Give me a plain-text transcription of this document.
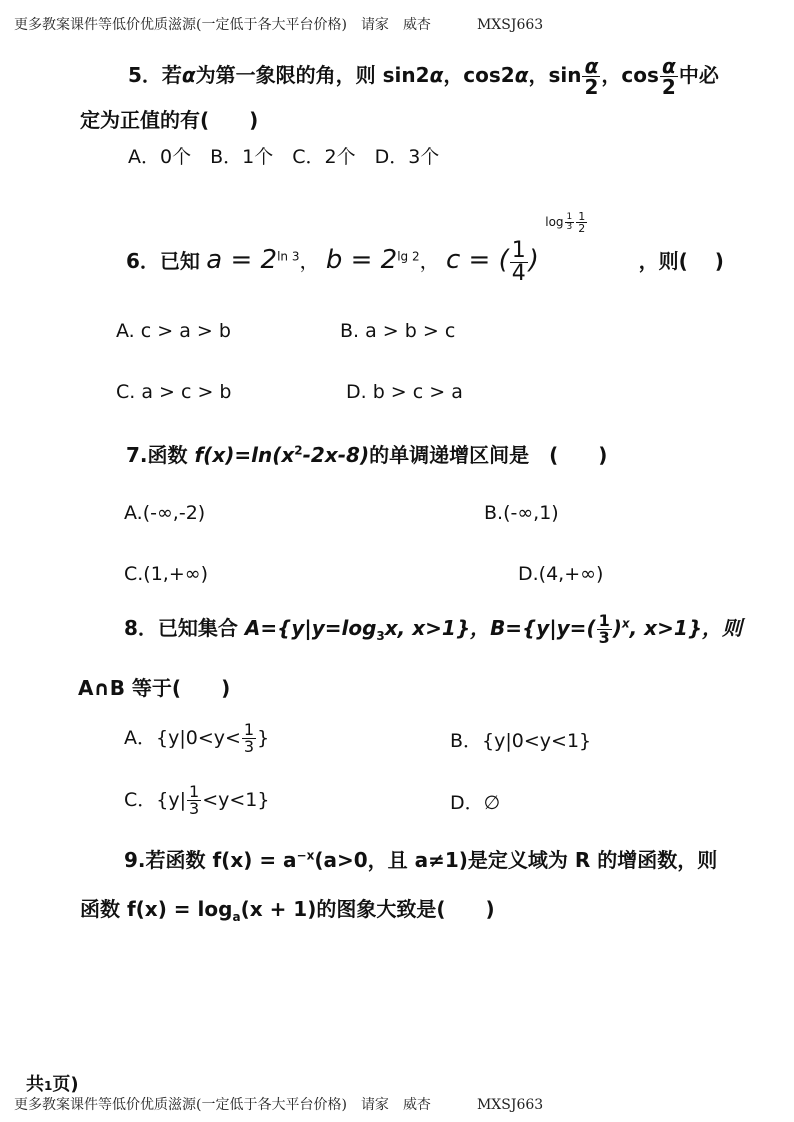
更多教案课件等低价优质滋源(一定低于各大平台价格) 请家 威杏	MXSJ663
5．若α为第一象限的角，则 sin2α，cos2α，$\sin \frac{\alpha}{2}$ ，$\cos \frac{\alpha}{2}$ 中必
定为正值的有(　　)
A．0个　B．1个　C．2个　D．3个
6．已知 $a = 2^{ln 3}$， $b = 2^{lg 2}$， c = ( $\frac{1}{4}$ ) $^{log \frac{1}{3} \frac{1}{2}}$
，则(　 )
A. c > a > b	B. a > b > c
C. a > c > b	D. b > c > a
7.函数 $f(x)=\ln(x^2-2x-8)$的单调递增区间是　(　　)
A.(-∞,-2)	B.(-∞,1)
C.(1,+∞)	D.(4,+∞)
8．已知集合 $A=\{y|y=\log_3x$, x>1}，$B=\{y|y=( \frac{1}{3} )^x$, x>1}，则
A∩B 等于(　　)
A．{$y|0<y< \frac{1}{3}$ }	B．{y|0<y<1}
C．$\{y| \frac{1}{3} <y<1\}$	D．∅
9.若函数 $f(x) = a^{-x}(a>0$，且 a≠1)是定义域为 R 的增函数，则
函数 $f(x) = \log_a(x + 1)$的图象大致是(　　)
共1页)
更多教案课件等低价优质滋源(一定低于各大平台价格) 请家 威杏	MXSJ663
